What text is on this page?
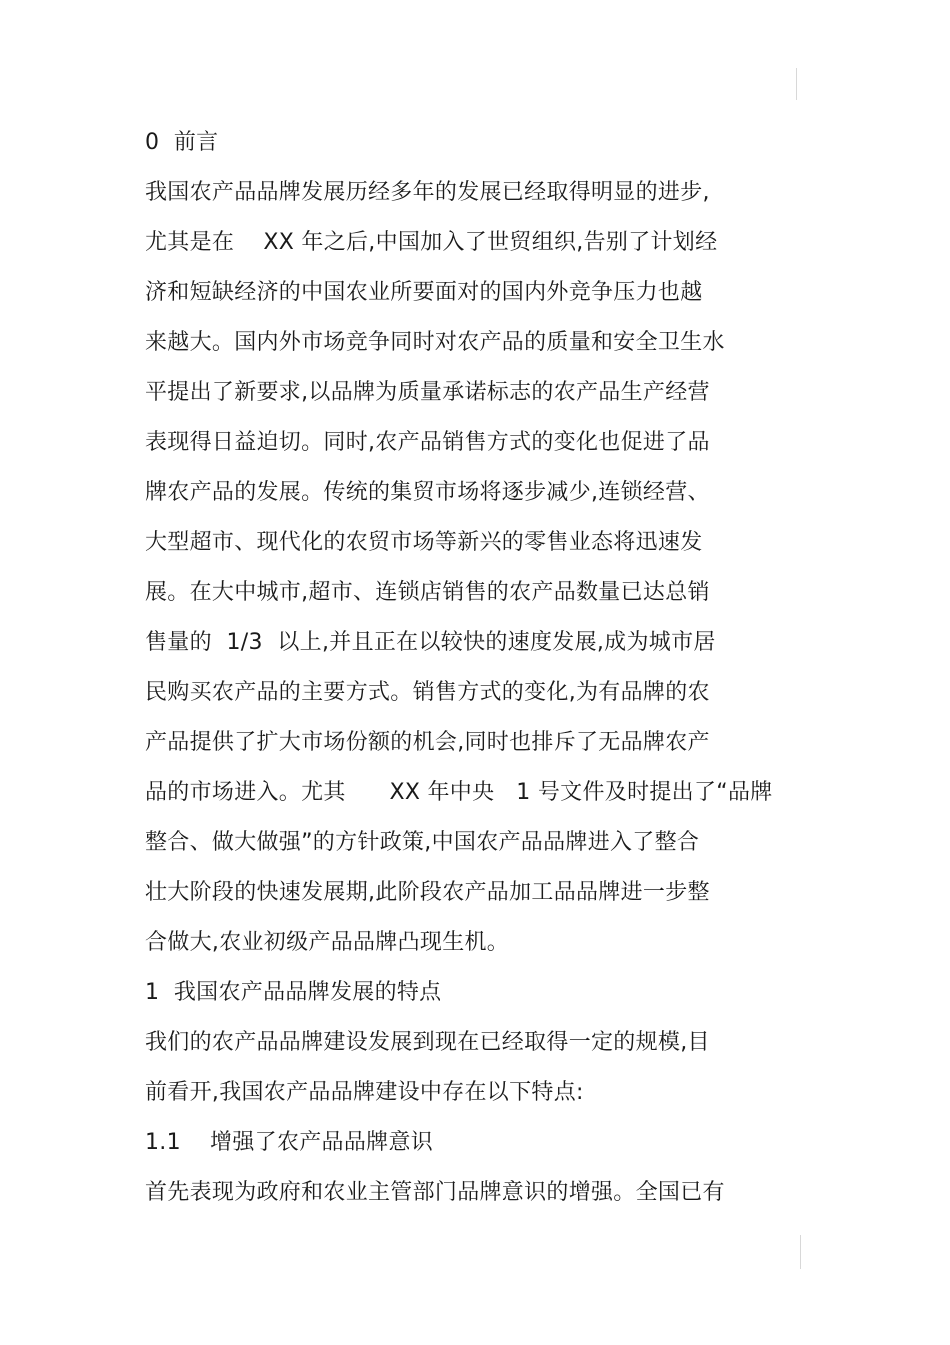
0  前言
我国农产品品牌发展历经多年的发展已经取得明显的进步,
尤其是在    XX 年之后,中国加入了世贸组织,告别了计划经
济和短缺经济的中国农业所要面对的国内外竞争压力也越
来越大。国内外市场竞争同时对农产品的质量和安全卫生水
平提出了新要求,以品牌为质量承诺标志的农产品生产经营
表现得日益迫切。同时,农产品销售方式的变化也促进了品
牌农产品的发展。传统的集贸市场将逐步减少,连锁经营、
大型超市、现代化的农贸市场等新兴的零售业态将迅速发
展。在大中城市,超市、连锁店销售的农产品数量已达总销
售量的  1/3  以上,并且正在以较快的速度发展,成为城市居
民购买农产品的主要方式。销售方式的变化,为有品牌的农
产品提供了扩大市场份额的机会,同时也排斥了无品牌农产
品的市场进入。尤其      XX 年中央   1 号文件及时提出了“品牌
整合、做大做强”的方针政策,中国农产品品牌进入了整合
壮大阶段的快速发展期,此阶段农产品加工品品牌进一步整
合做大,农业初级产品品牌凸现生机。
1  我国农产品品牌发展的特点
我们的农产品品牌建设发展到现在已经取得一定的规模,目
前看开,我国农产品品牌建设中存在以下特点:
1.1    增强了农产品品牌意识
首先表现为政府和农业主管部门品牌意识的增强。全国已有
